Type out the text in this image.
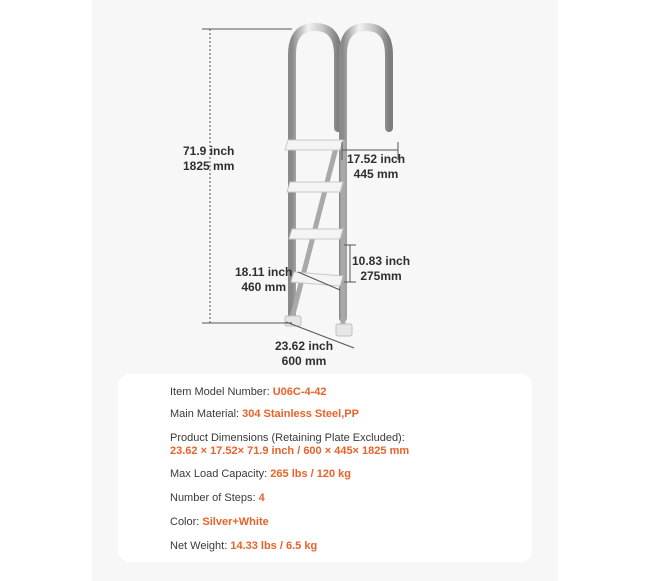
71.9 inch
1825 mm	17.52 inch
445 mm
10.83 inch
275mm
18.11 inch
460 mm
23.62 inch
600 mm
Item Model Number: U06C-4-42
Main Material: 304 Stainless Steel,PP
Product Dimensions (Retaining Plate Excluded):
23.62 × 17.52× 71.9 inch / 600 × 445× 1825 mm
Max Load Capacity: 265 lbs / 120 kg
Number of Steps: 4
Color: Silver+White
Net Weight: 14.33 lbs / 6.5 kg
